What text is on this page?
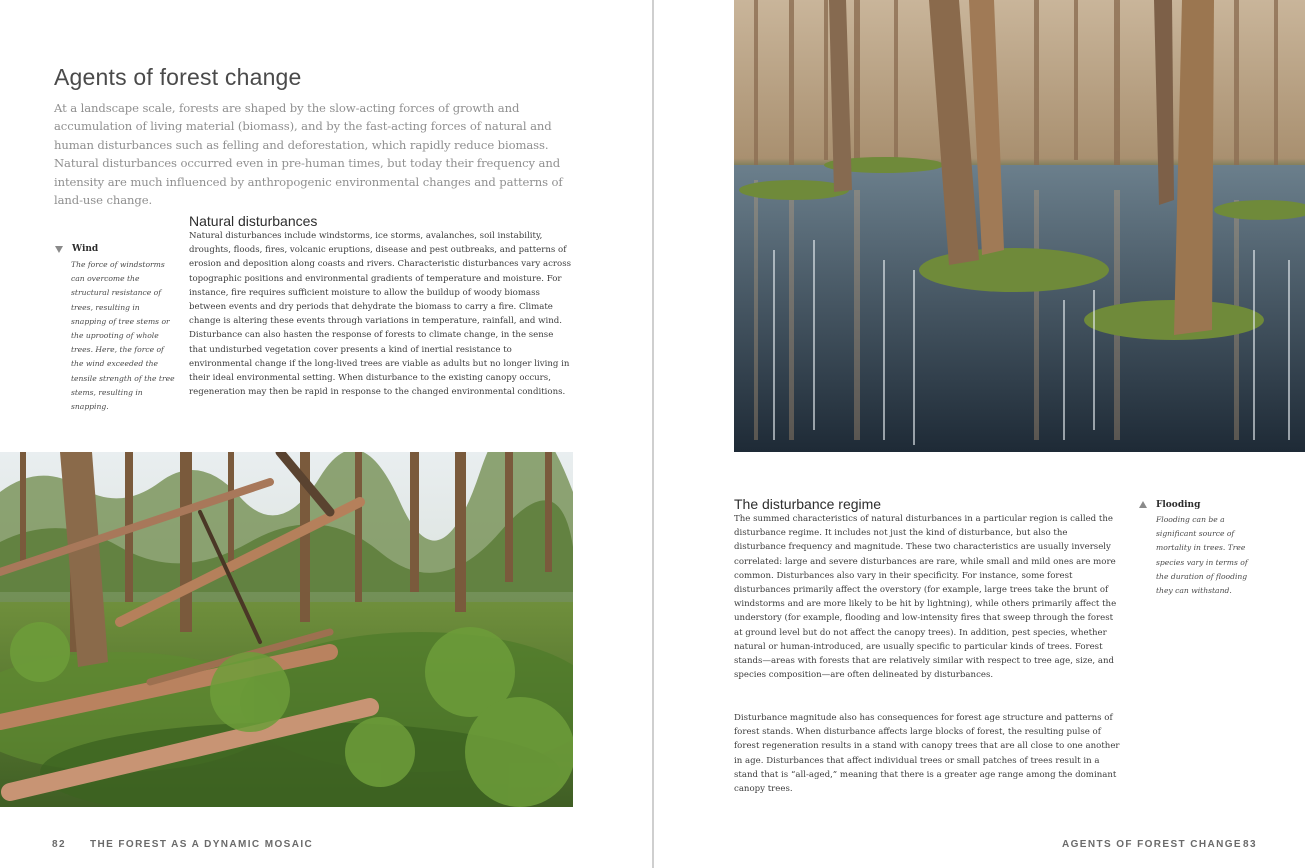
Agents of forest change

At a landscape scale, forests are shaped by the slow-acting forces of growth and accumulation of living material (biomass), and by the fast-acting forces of natural and human disturbances such as felling and deforestation, which rapidly reduce biomass. Natural disturbances occurred even in pre-human times, but today their frequency and intensity are much influenced by anthropogenic environmental changes and patterns of land-use change.

Wind

The force of windstorms can overcome the structural resistance of trees, resulting in snapping of tree stems or the uprooting of whole trees. Here, the force of the wind exceeded the tensile strength of the tree stems, resulting in snapping.

Natural disturbances

Natural disturbances include windstorms, ice storms, avalanches, soil instability, droughts, floods, fires, volcanic eruptions, disease and pest outbreaks, and patterns of erosion and deposition along coasts and rivers. Characteristic disturbances vary across topographic positions and environmental gradients of temperature and moisture. For instance, fire requires sufficient moisture to allow the buildup of woody biomass between events and dry periods that dehydrate the biomass to carry a fire. Climate change is altering these events through variations in temperature, rainfall, and wind. Disturbance can also hasten the response of forests to climate change, in the sense that undisturbed vegetation cover presents a kind of inertial resistance to environmental change if the long-lived trees are viable as adults but no longer living in their ideal environmental setting. When disturbance to the existing canopy occurs, regeneration may then be rapid in response to the changed environmental conditions.

82 THE FOREST AS A DYNAMIC MOSAIC
The disturbance regime

The summed characteristics of natural disturbances in a particular region is called the disturbance regime. It includes not just the kind of disturbance, but also the disturbance frequency and magnitude. These two characteristics are usually inversely correlated: large and severe disturbances are rare, while small and mild ones are more common. Disturbances also vary in their specificity. For instance, some forest disturbances primarily affect the overstory (for example, large trees take the brunt of windstorms and are more likely to be hit by lightning), while others primarily affect the understory (for example, flooding and low-intensity fires that sweep through the forest at ground level but do not affect the canopy trees). In addition, pest species, whether natural or human-introduced, are usually specific to particular kinds of trees. Forest stands—areas with forests that are relatively similar with respect to tree age, size, and species composition—are often delineated by disturbances.

Disturbance magnitude also has consequences for forest age structure and patterns of forest stands. When disturbance affects large blocks of forest, the resulting pulse of forest regeneration results in a stand with canopy trees that are all close to one another in age. Disturbances that affect individual trees or small patches of trees result in a stand that is “all-aged,” meaning that there is a greater age range among the dominant canopy trees.

Flooding

Flooding can be a significant source of mortality in trees. Tree species vary in terms of the duration of flooding they can withstand.

AGENTS OF FOREST CHANGE 83
